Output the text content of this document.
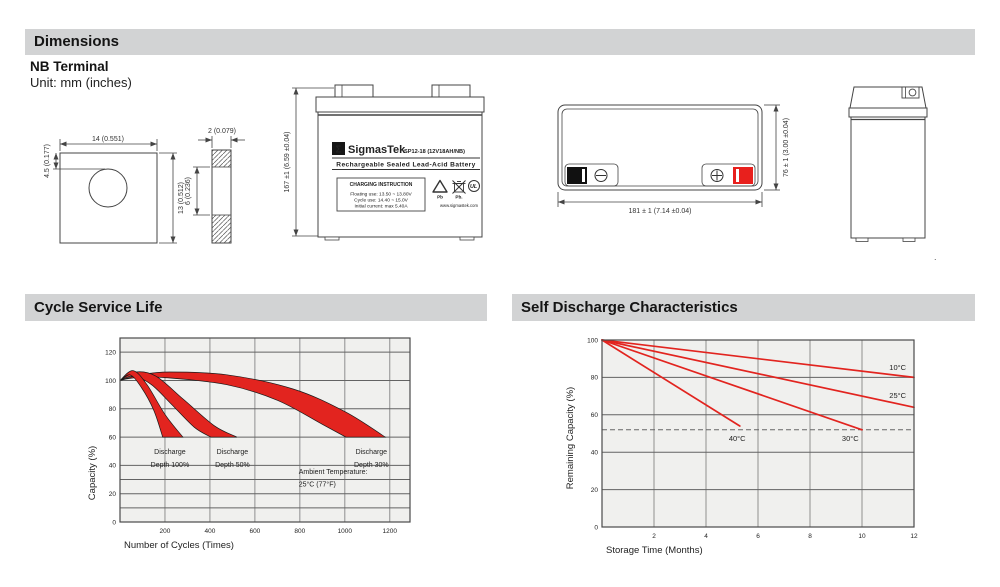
Dimensions
NB Terminal
Unit: mm (inches)
14 (0.551)
4.5 (0.177)
13 (0.512)
2 (0.079)
6 (0.236)	167 ±1 (6.59 ±0.04)	Σ SigmasTek
SP12-18 (12V18AH/NB)
Rechargeable Sealed Lead-Acid Battery
CHARGING INSTRUCTION
Floating use: 13.50 ~ 13.80V
Cycle use: 14.40 ~ 15.0V
Initial current: max 5.40A
Pb	Pb.
UL
www.sigmastek.com
181 ± 1 (7.14 ±0.04)
76 ± 1 (3.00 ±0.04)
.
Cycle Service Life	Self Discharge Characteristics
0
20
40
60
80
100
120
200	400	600	800	1000	1200
Discharge
Depth 100%
Discharge
Depth 50%
Discharge
Depth 30%
Ambient Temperature:
25°C (77°F)
Number of Cycles (Times)
Capacity (%)
10°C
25°C
30°C
40°C
0
20
40
60
80
100
2	4	6	8	10	12
Storage Time (Months)
Remaining Capacity (%)
